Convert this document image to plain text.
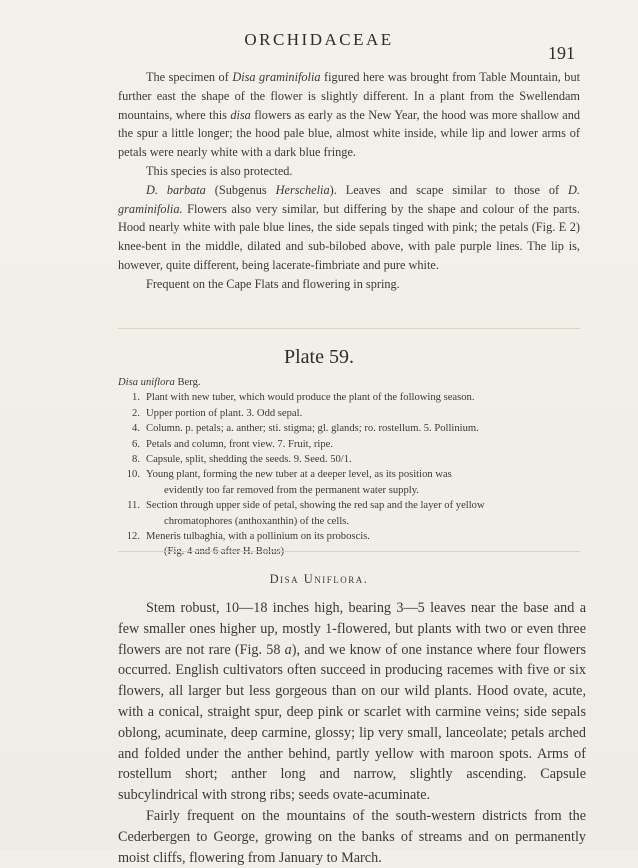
ORCHIDACEAE
191

The specimen of Disa graminifolia figured here was brought from Table Mountain, but further east the shape of the flower is slightly different. In a plant from the Swellendam mountains, where this disa flowers as early as the New Year, the hood was more shallow and the spur a little longer; the hood pale blue, almost white inside, while lip and lower arms of petals were nearly white with a dark blue fringe.

This species is also protected.

D. barbata (Subgenus Herschelia). Leaves and scape similar to those of D. graminifolia. Flowers also very similar, but differing by the shape and colour of the parts. Hood nearly white with pale blue lines, the side sepals tinged with pink; the petals (Fig. E 2) knee-bent in the middle, dilated and sub-bilobed above, with pale purple lines. The lip is, however, quite different, being lacerate-fimbriate and pure white.

Frequent on the Cape Flats and flowering in spring.

Plate 59.
Disa uniflora Berg.
1. Plant with new tuber, which would produce the plant of the following season.
2. Upper portion of plant. 3. Odd sepal.
4. Column. p. petals; a. anther; sti. stigma; gl. glands; ro. rostellum. 5. Pollinium.
6. Petals and column, front view. 7. Fruit, ripe.
8. Capsule, split, shedding the seeds. 9. Seed. 50/1.
10. Young plant, forming the new tuber at a deeper level, as its position was
evidently too far removed from the permanent water supply.
11. Section through upper side of petal, showing the red sap and the layer of yellow
chromatophores (anthoxanthin) of the cells.
12. Meneris tulbaghia, with a pollinium on its proboscis.
(Fig. 4 and 6 after H. Bolus)
Disa Uniflora.

Stem robust, 10—18 inches high, bearing 3—5 leaves near the base and a few smaller ones higher up, mostly 1-flowered, but plants with two or even three flowers are not rare (Fig. 58 a), and we know of one instance where four flowers occurred. English cultivators often succeed in producing racemes with five or six flowers, all larger but less gorgeous than on our wild plants. Hood ovate, acute, with a conical, straight spur, deep pink or scarlet with carmine veins; side sepals oblong, acuminate, deep carmine, glossy; lip very small, lanceolate; petals arched and folded under the anther behind, partly yellow with maroon spots. Arms of rostellum short; anther long and narrow, slightly ascending. Capsule subcylindrical with strong ribs; seeds ovate-acuminate.

Fairly frequent on the mountains of the south-western districts from the Cederbergen to George, growing on the banks of streams and on permanently moist cliffs, flowering from January to March.
